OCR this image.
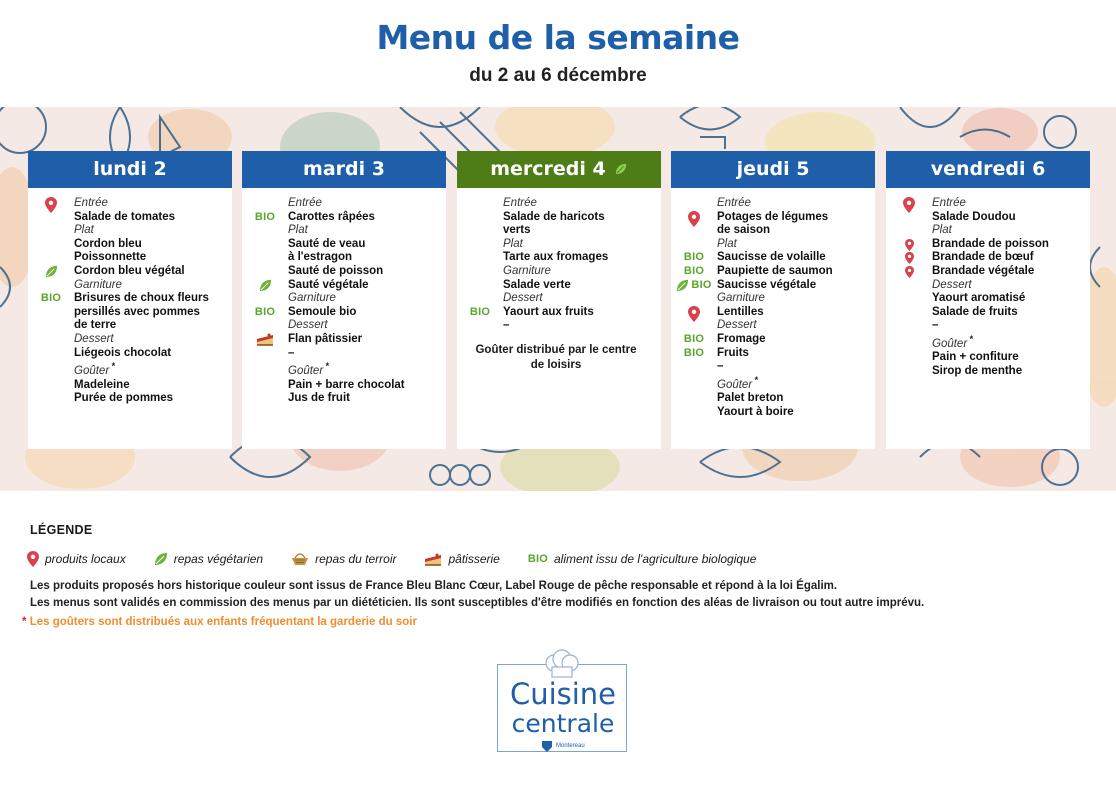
Menu de la semaine
du 2 au 6 décembre
lundi 2
Entrée
Salade de tomates
Plat
Cordon bleu
Poissonnette
Cordon bleu végétal
Garniture
BIO Brisures de choux fleurs
persillés avec pommes
de terre
Dessert
Liégeois chocolat
Goûter *
Madeleine
Purée de pommes
mardi 3
Entrée
BIO Carottes râpées
Plat
Sauté de veau
à l'estragon
Sauté de poisson
Sauté végétale
Garniture
BIO Semoule bio
Dessert
Flan pâtissier
–
Goûter *
Pain + barre chocolat
Jus de fruit
mercredi 4
Entrée
Salade de haricots
verts
Plat
Tarte aux fromages
Garniture
Salade verte
Dessert
BIO Yaourt aux fruits
–
Goûter distribué par le centre de loisirs
jeudi 5
Entrée
Potages de légumes
de saison
Plat
BIO Saucisse de volaille
BIO Paupiette de saumon
BIO Saucisse végétale
Garniture
Lentilles
Dessert
BIO Fromage
BIO Fruits
–
Goûter *
Palet breton
Yaourt à boire
vendredi 6
Entrée
Salade Doudou
Plat
Brandade de poisson
Brandade de bœuf
Brandade végétale
Dessert
Yaourt aromatisé
Salade de fruits
–
Goûter *
Pain + confiture
Sirop de menthe
LÉGENDE
produits locaux	repas végétarien	repas du terroir	pâtisserie	BIO aliment issu de l'agriculture biologique
Les produits proposés hors historique couleur sont issus de France Bleu Blanc Cœur, Label Rouge de pêche responsable et répond à la loi Égalim.
Les menus sont validés en commission des menus par un diététicien. Ils sont susceptibles d'être modifiés en fonction des aléas de livraison ou tout autre imprévu.
* Les goûters sont distribués aux enfants fréquentant la garderie du soir
Cuisine
centrale
Montereau
